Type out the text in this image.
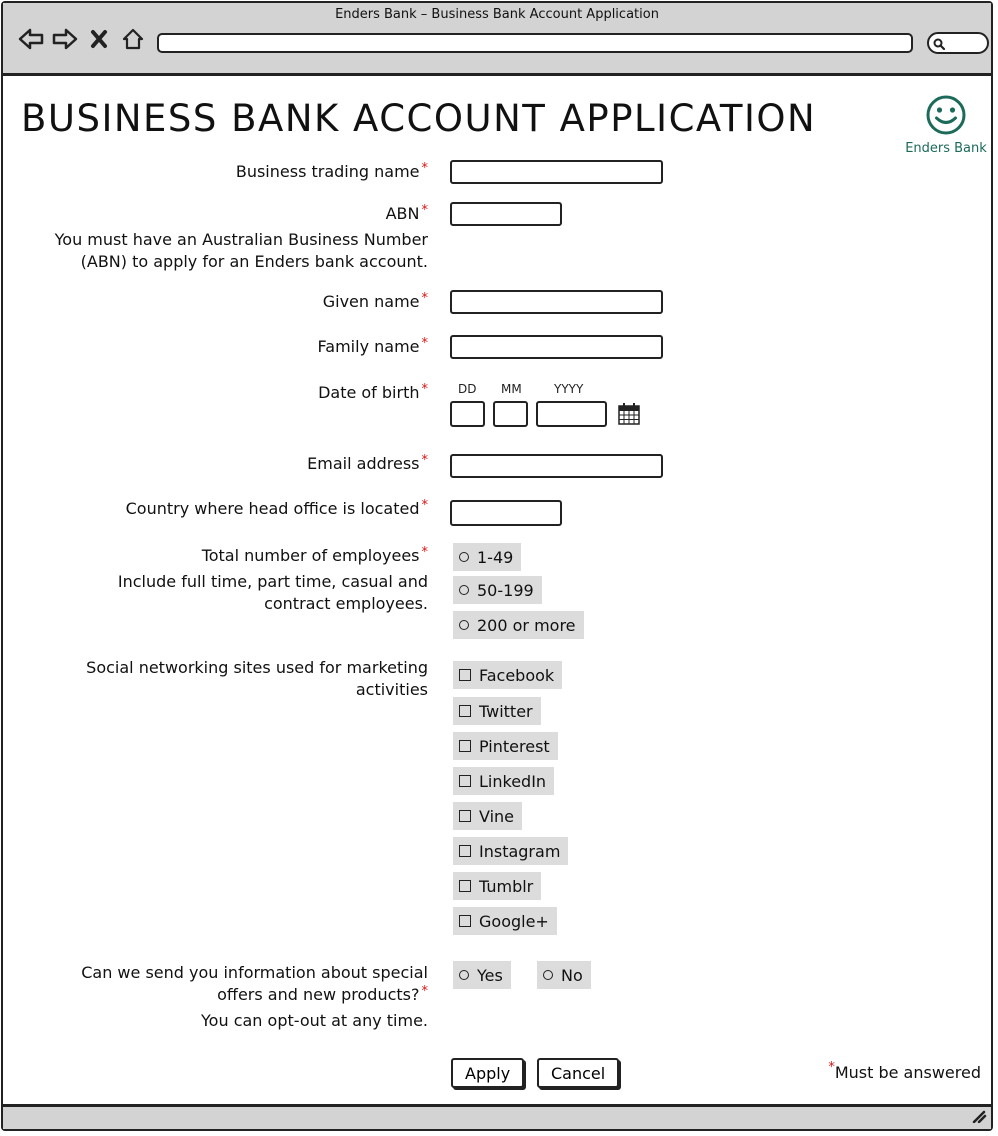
Enders Bank – Business Bank Account Application
BUSINESS BANK ACCOUNT APPLICATION
Enders Bank
Business trading name *
ABN *
You must have an Australian Business Number
(ABN) to apply for an Enders bank account.
Given name *
Family name *
Date of birth *	DD MM	YYYY
Email address *
Country where head office is located *
Total number of employees *
Include full time, part time, casual and
contract employees.
1-49
50-199
200 or more
Social networking sites used for marketing
activities
Facebook
Twitter
Pinterest
LinkedIn
Vine
Instagram
Tumblr
Google+
Can we send you information about special
offers and new products? *
You can opt-out at any time.
Yes	No
Apply	Cancel	*Must be answered
